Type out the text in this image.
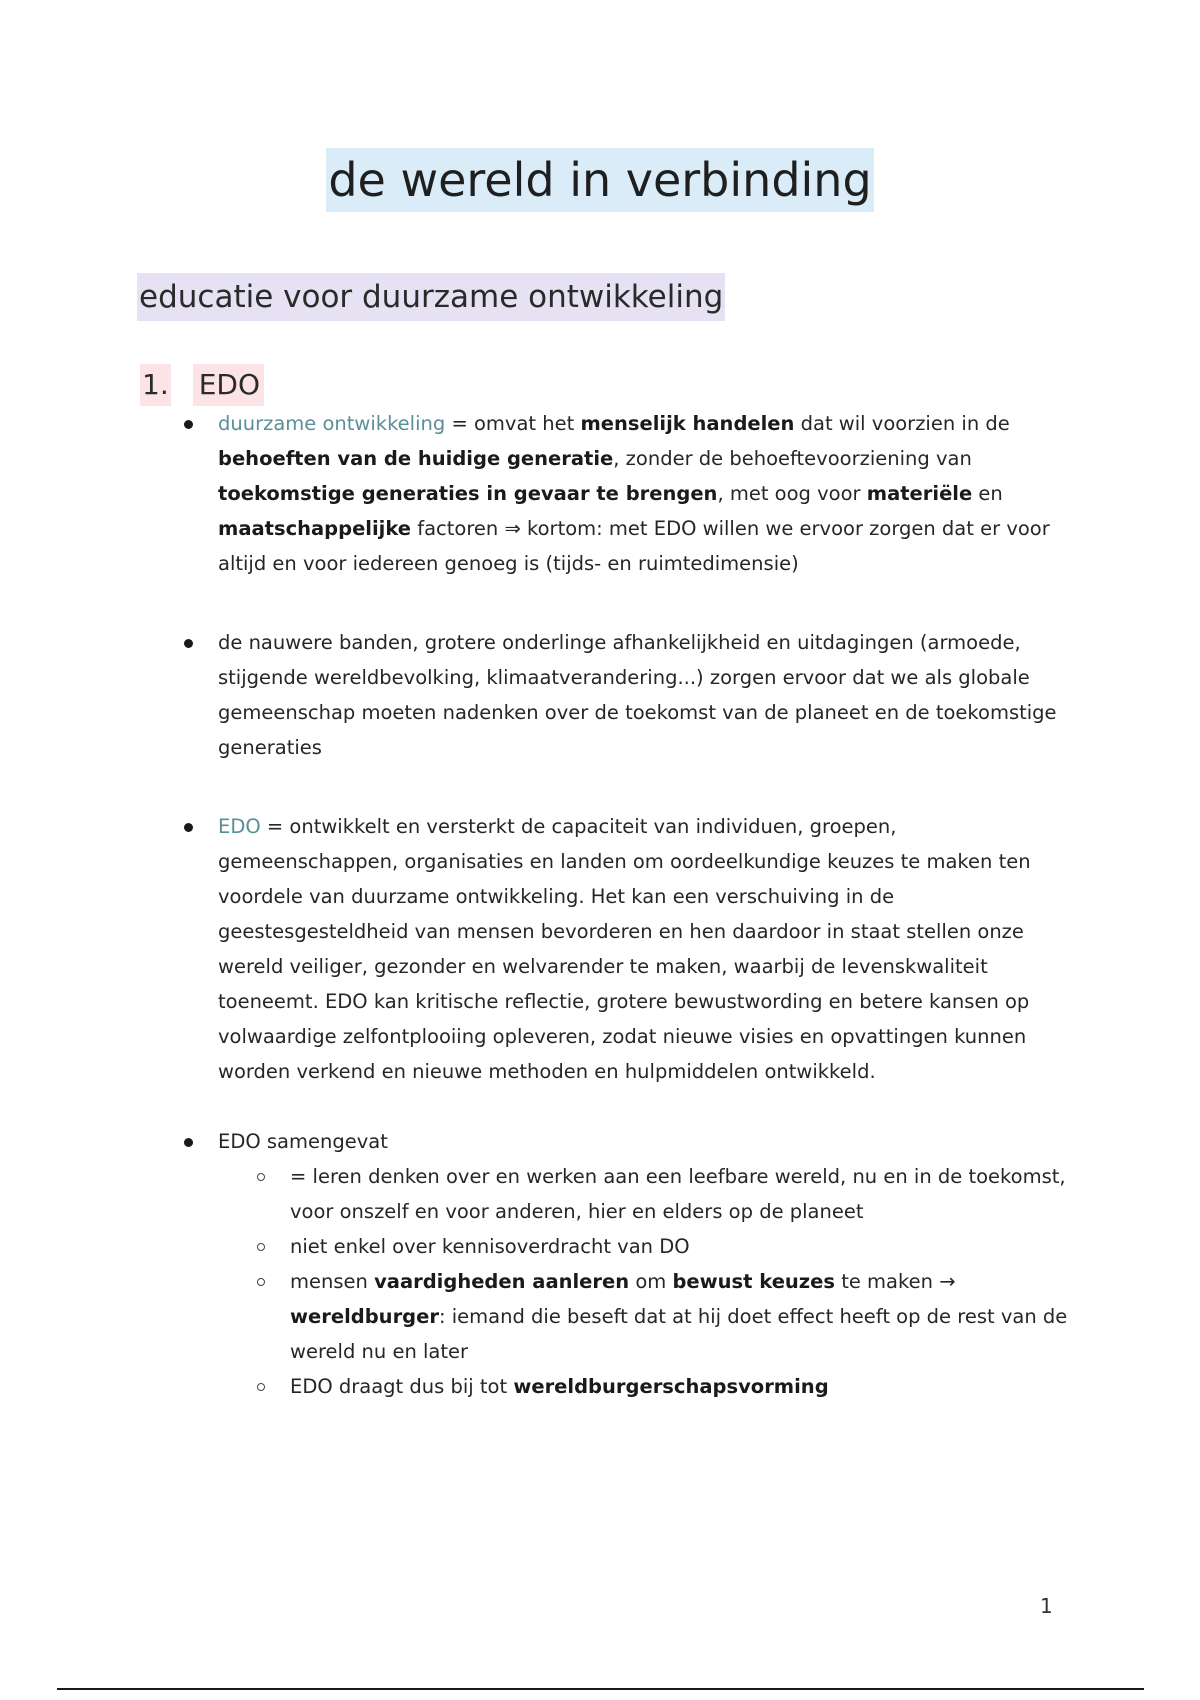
de wereld in verbinding
educatie voor duurzame ontwikkeling
1. EDO
duurzame ontwikkeling = omvat het menselijk handelen dat wil voorzien in de behoeften van de huidige generatie, zonder de behoeftevoorziening van toekomstige generaties in gevaar te brengen, met oog voor materiële en maatschappelijke factoren ⇒ kortom: met EDO willen we ervoor zorgen dat er voor altijd en voor iedereen genoeg is (tijds- en ruimtedimensie)
de nauwere banden, grotere onderlinge afhankelijkheid en uitdagingen (armoede, stijgende wereldbevolking, klimaatverandering...) zorgen ervoor dat we als globale gemeenschap moeten nadenken over de toekomst van de planeet en de toekomstige generaties
EDO = ontwikkelt en versterkt de capaciteit van individuen, groepen, gemeenschappen, organisaties en landen om oordeelkundige keuzes te maken ten voordele van duurzame ontwikkeling. Het kan een verschuiving in de geestesgesteldheid van mensen bevorderen en hen daardoor in staat stellen onze wereld veiliger, gezonder en welvarender te maken, waarbij de levenskwaliteit toeneemt. EDO kan kritische reflectie, grotere bewustwording en betere kansen op volwaardige zelfontplooiing opleveren, zodat nieuwe visies en opvattingen kunnen worden verkend en nieuwe methoden en hulpmiddelen ontwikkeld.
EDO samengevat
= leren denken over en werken aan een leefbare wereld, nu en in de toekomst, voor onszelf en voor anderen, hier en elders op de planeet
niet enkel over kennisoverdracht van DO
mensen vaardigheden aanleren om bewust keuzes te maken → wereldburger: iemand die beseft dat at hij doet effect heeft op de rest van de wereld nu en later
EDO draagt dus bij tot wereldburgerschapsvorming
1
